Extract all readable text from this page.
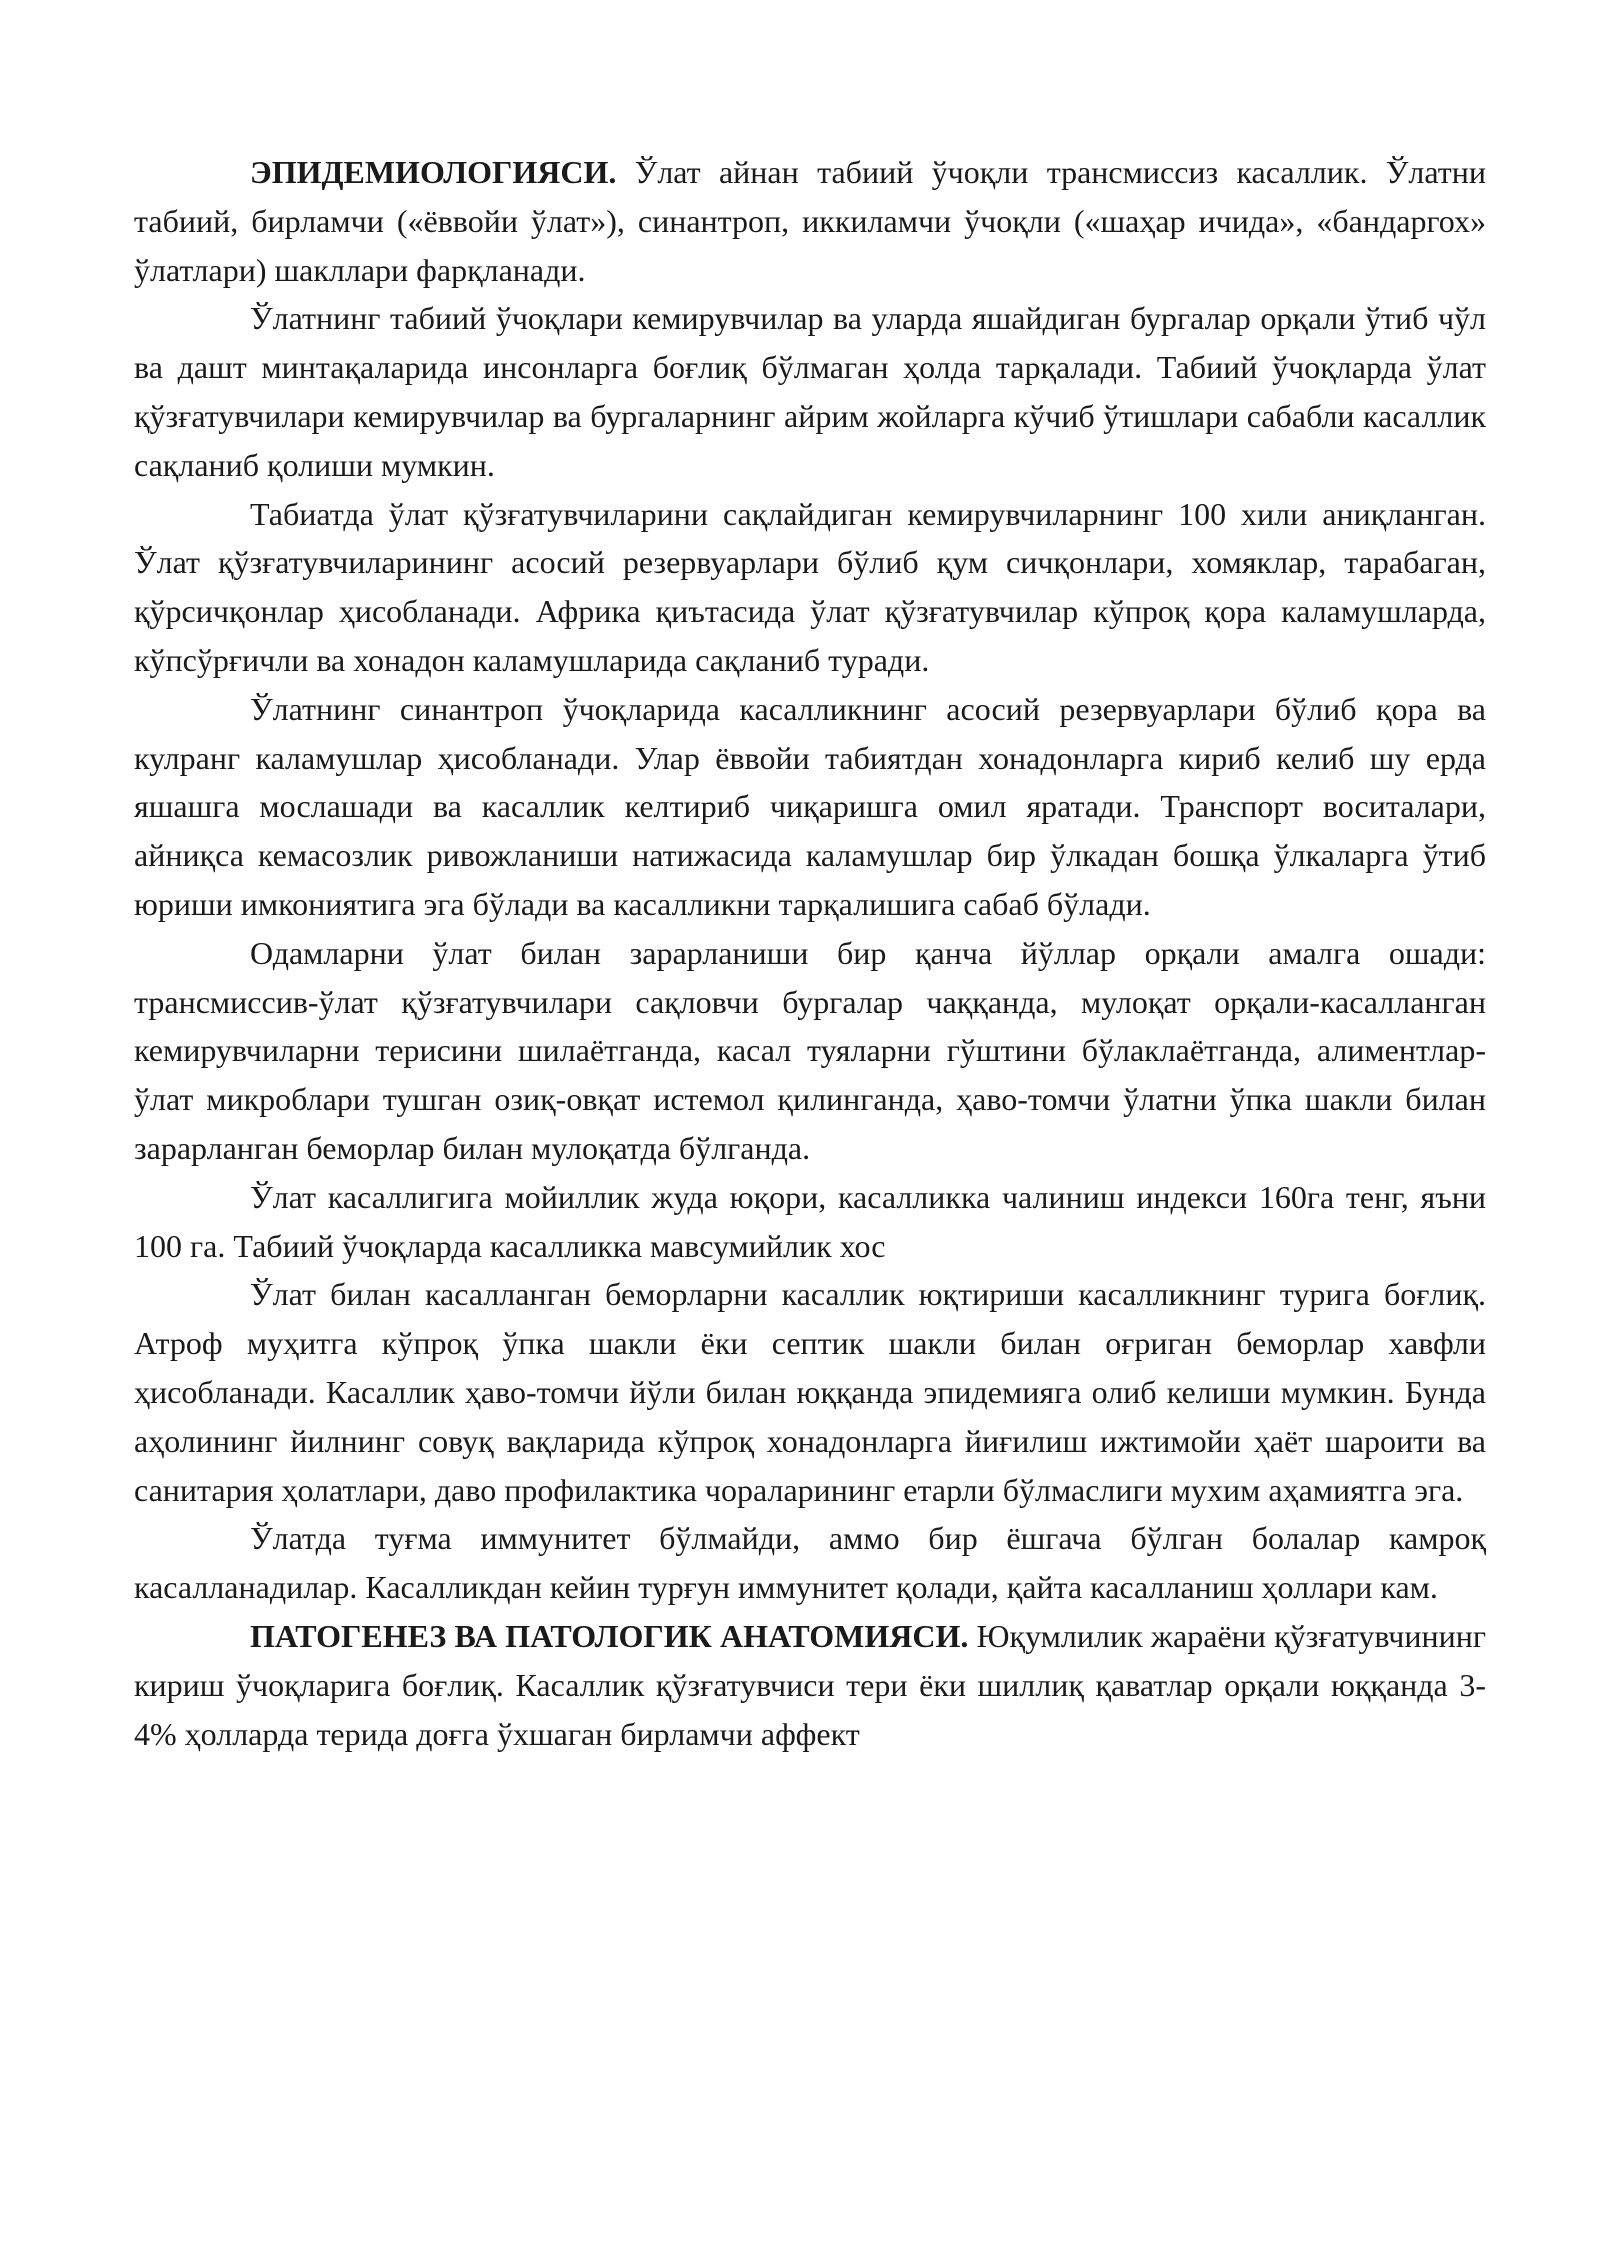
ЭПИДЕМИОЛОГИЯСИ. Ўлат айнан табиий ўчоқли трансмиссиз касаллик. Ўлатни табиий, бирламчи («ёввойи ўлат»), синантроп, иккиламчи ўчоқли («шаҳар ичида», «бандаргох» ўлатлари) шакллари фарқланади.

Ўлатнинг табиий ўчоқлари кемирувчилар ва уларда яшайдиган бургалар орқали ўтиб чўл ва дашт минтақаларида инсонларга боғлиқ бўлмаган ҳолда тарқалади. Табиий ўчоқларда ўлат қўзғатувчилари кемирувчилар ва бургаларнинг айрим жойларга кўчиб ўтишлари сабабли касаллик сақланиб қолиши мумкин.

Табиатда ўлат қўзғатувчиларини сақлайдиган кемирувчиларнинг 100 хили аниқланган. Ўлат қўзғатувчиларининг асосий резервуарлари бўлиб қум сичқонлари, хомяклар, тарабаган, қўрсичқонлар ҳисобланади. Африка қиътасида ўлат қўзғатувчилар кўпроқ қора каламушларда, кўпсўрғичли ва хонадон каламушларида сақланиб туради.

Ўлатнинг синантроп ўчоқларида касалликнинг асосий резервуарлари бўлиб қора ва кулранг каламушлар ҳисобланади. Улар ёввойи табиятдан хонадонларга кириб келиб шу ерда яшашга мослашади ва касаллик келтириб чиқаришга омил яратади. Транспорт воситалари, айниқса кемасозлик ривожланиши натижасида каламушлар бир ўлкадан бошқа ўлкаларга ўтиб юриши имкониятига эга бўлади ва касалликни тарқалишига сабаб бўлади.

Одамларни ўлат билан зарарланиши бир қанча йўллар орқали амалга ошади: трансмиссив-ўлат қўзғатувчилари сақловчи бургалар чаққанда, мулоқат орқали-касалланган кемирувчиларни терисини шилаётганда, касал туяларни гўштини бўлаклаётганда, алиментлар-ўлат микроблари тушган озиқ-овқат истемол қилинганда, ҳаво-томчи ўлатни ўпка шакли билан зарарланган беморлар билан мулоқатда бўлганда.

Ўлат касаллигига мойиллик жуда юқори, касалликка чалиниш индекси 160га тенг, яъни 100 га. Табиий ўчоқларда касалликка мавсумийлик хос

Ўлат билан касалланган беморларни касаллик юқтириши касалликнинг турига боғлиқ. Атроф муҳитга кўпроқ ўпка шакли ёки септик шакли билан оғриган беморлар хавфли ҳисобланади. Касаллик ҳаво-томчи йўли билан юққанда эпидемияга олиб келиши мумкин. Бунда аҳолининг йилнинг совуқ вақларида кўпроқ хонадонларга йиғилиш ижтимойи ҳаёт шароити ва санитария ҳолатлари, даво профилактика чораларининг етарли бўлмаслиги мухим аҳамиятга эга.

Ўлатда туғма иммунитет бўлмайди, аммо бир ёшгача бўлган болалар камроқ касалланадилар. Касалликдан кейин турғун иммунитет қолади, қайта касалланиш ҳоллари кам.

ПАТОГЕНЕЗ ВА ПАТОЛОГИК АНАТОМИЯСИ. Юқумлилик жараёни қўзғатувчининг кириш ўчоқларига боғлиқ. Касаллик қўзғатувчиси тери ёки шиллиқ қаватлар орқали юққанда 3-4% ҳолларда терида доғга ўхшаган бирламчи аффект
